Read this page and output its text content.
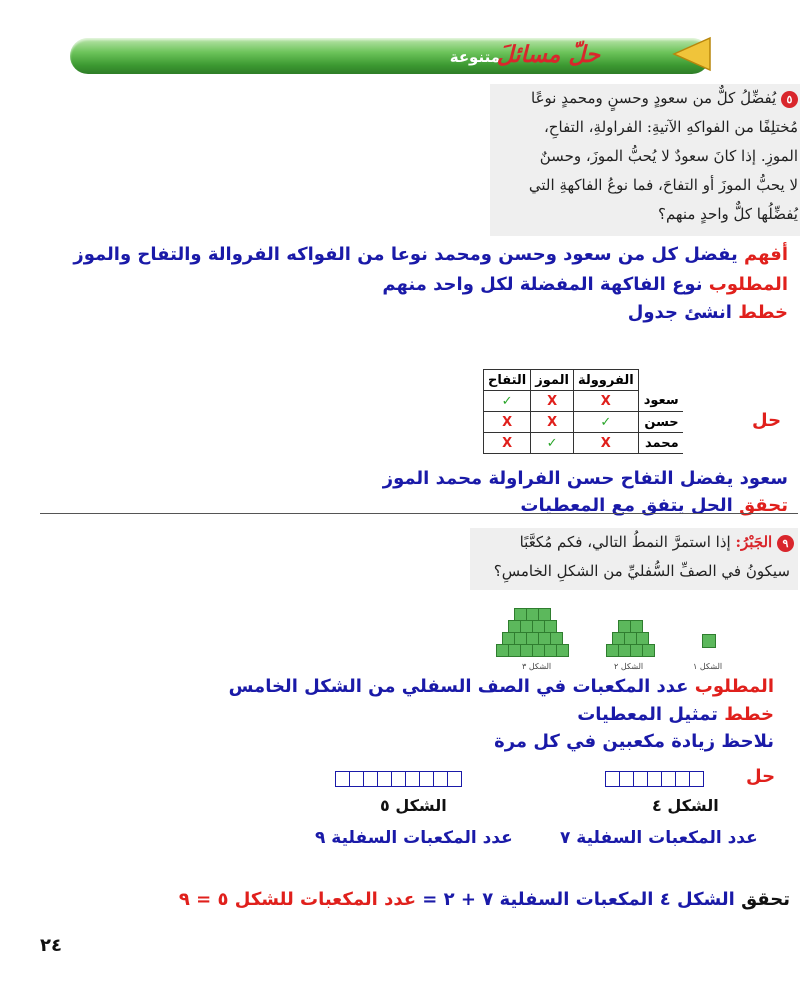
متنوعة
حلّ مسائلَ
٥ يُفضِّلُ كلٌّ من سعودٍ وحسنٍ ومحمدٍ نوعًا
مُختلِفًا من الفواكهِ الآتيةِ: الفراولةِ، التفاحِ،
الموزِ. إذا كانَ سعودٌ لا يُحبُّ الموزَ، وحسنٌ
لا يحبُّ الموزَ أو التفاحَ، فما نوعُ الفاكهةِ التي
يُفضِّلُها كلٌّ واحدٍ منهم؟
أفهم يفضل كل من سعود وحسن ومحمد نوعا من الفواكه الفروالة والتفاح والموز
المطلوب نوع الفاكهة المفضلة لكل واحد منهم
خطط انشئ جدول
حل
	الفروولة	الموز	التفاح
سعود	X	X	✓
حسن	✓	X	X
محمد	X	✓	X
سعود يفضل التفاح حسن الفراولة محمد الموز
تحقق الحل يتفق مع المعطيات
٩ الجَبْرُ: إذا استمرَّ النمطُ التالي، فكم مُكعَّبًا
سيكونُ في الصفِّ السُّفليِّ من الشكلِ الخامسِ؟
الشكل ٣	الشكل ٢	الشكل ١
المطلوب عدد المكعبات في الصف السفلي من الشكل الخامس
خطط تمثيل المعطيات
نلاحظ زيادة مكعبين في كل مرة
حل
الشكل ٤
الشكل ٥
عدد المكعبات السفلية ٧
عدد المكعبات السفلية ٩
تحقق الشكل ٤ المكعبات السفلية ٧ + ٢ = عدد المكعبات للشكل ٥ = ٩
٢٤
